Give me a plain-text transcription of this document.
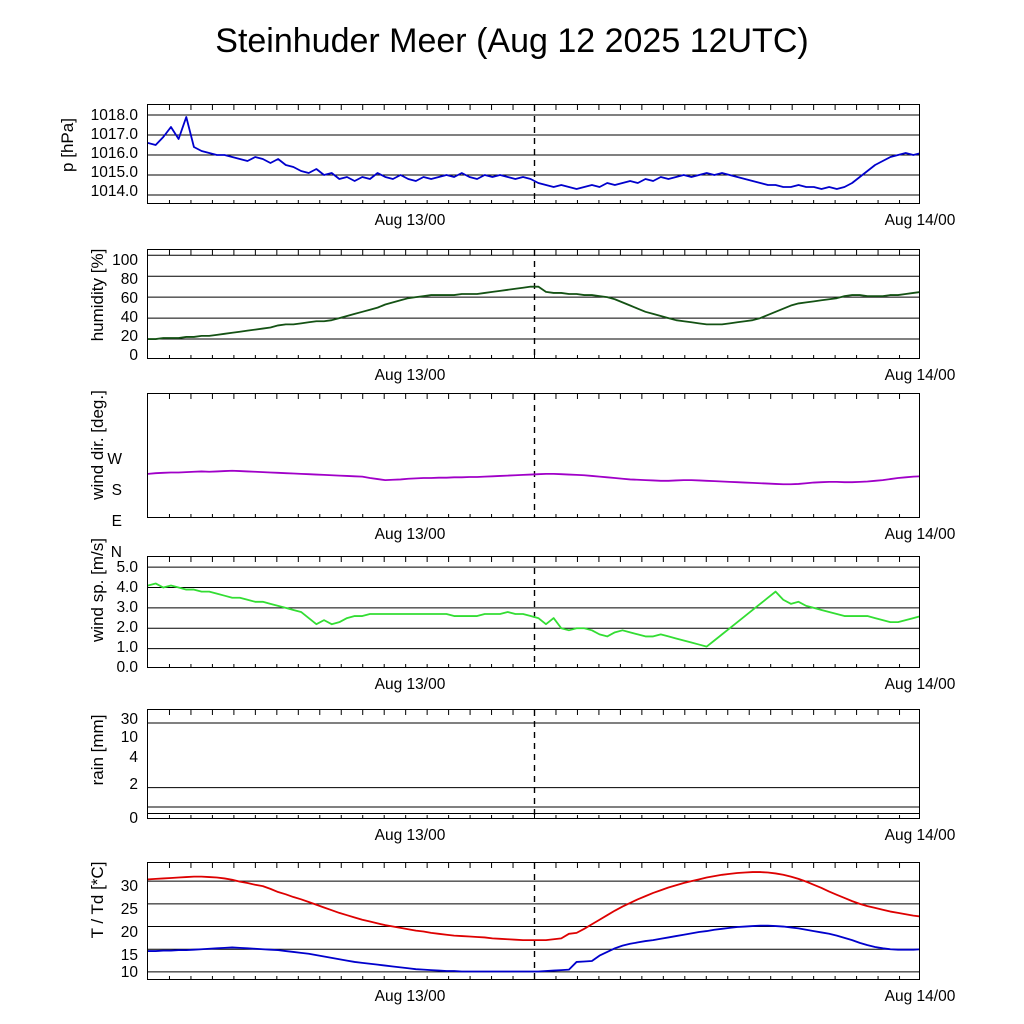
Steinhuder Meer (Aug 12 2025 12UTC)
p [hPa]
1018.0
1017.0
1016.0
1015.0
1014.0
Aug 13/00	Aug 14/00
humidity [%] 100
80
60
40
20
0
Aug 13/00	Aug 14/00
wind dir. [deg.] W
S
E
N
Aug 13/00	Aug 14/00
wind sp. [m/s] 5.0
4.0
3.0
2.0
1.0
0.0
Aug 13/00	Aug 14/00
rain [mm] 30
10
4
2
0
Aug 13/00	Aug 14/00
T / Td [*C] 30
25
20
15
10
Aug 13/00	Aug 14/00
